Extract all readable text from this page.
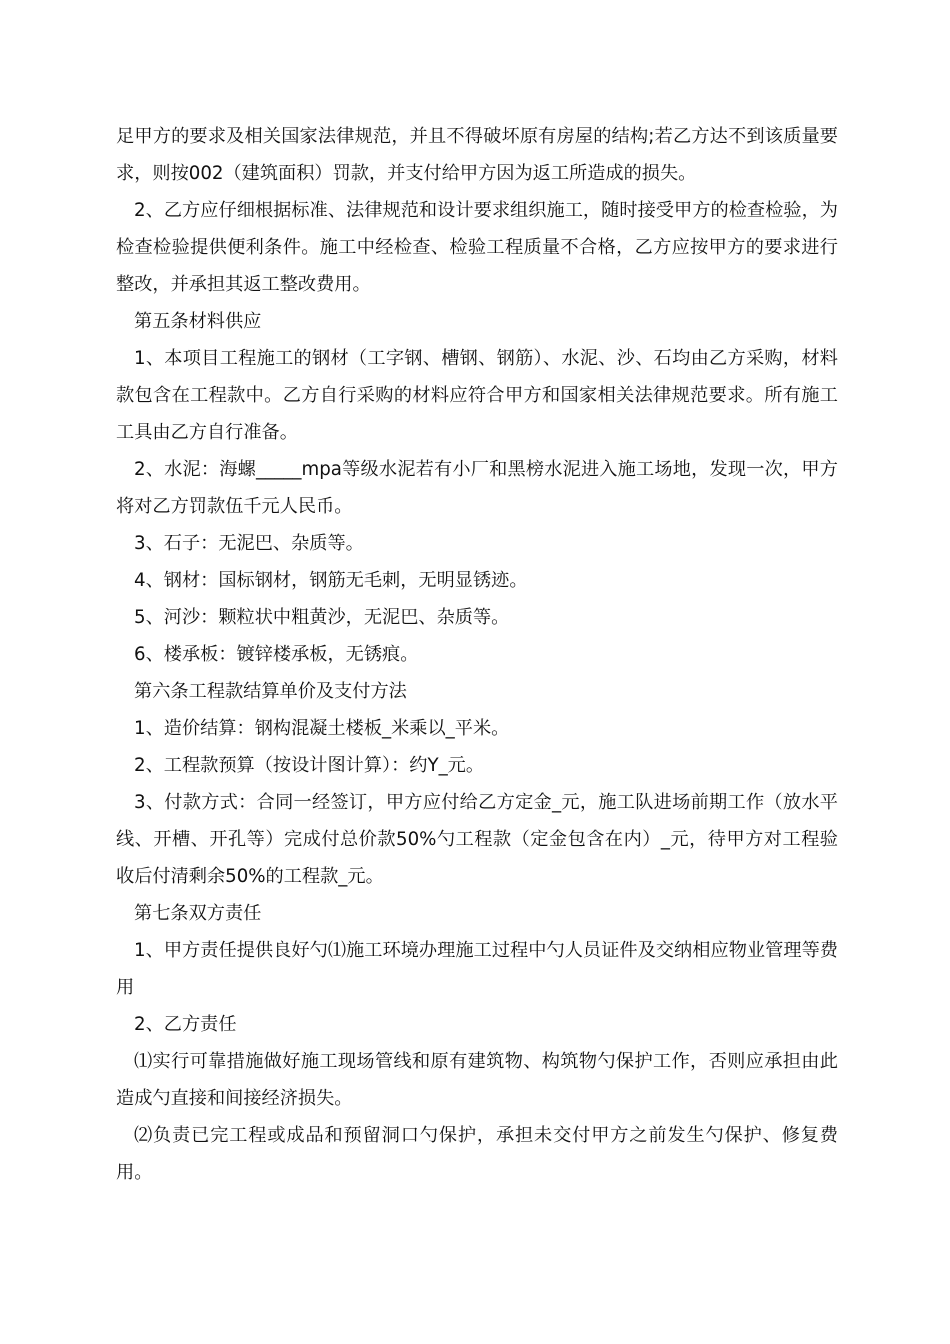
足甲方的要求及相关国家法律规范，并且不得破坏原有房屋的结构;若乙方达不到该质量要求，则按002（建筑面积）罚款，并支付给甲方因为返工所造成的损失。

2、乙方应仔细根据标准、法律规范和设计要求组织施工，随时接受甲方的检查检验，为检查检验提供便利条件。施工中经检查、检验工程质量不合格，乙方应按甲方的要求进行整改，并承担其返工整改费用。

第五条材料供应

1、本项目工程施工的钢材（工字钢、槽钢、钢筋）、水泥、沙、石均由乙方采购，材料款包含在工程款中。乙方自行采购的材料应符合甲方和国家相关法律规范要求。所有施工工具由乙方自行准备。

2、水泥：海螺_____mpa等级水泥若有小厂和黑榜水泥进入施工场地，发现一次，甲方将对乙方罚款伍千元人民币。

3、石子：无泥巴、杂质等。

4、钢材：国标钢材，钢筋无毛刺，无明显锈迹。

5、河沙：颗粒状中粗黄沙，无泥巴、杂质等。

6、楼承板：镀锌楼承板，无锈痕。

第六条工程款结算单价及支付方法

1、造价结算：钢构混凝土楼板_米乘以_平米。

2、工程款预算（按设计图计算）：约Y_元。

3、付款方式：合同一经签订，甲方应付给乙方定金_元，施工队进场前期工作（放水平线、开槽、开孔等）完成付总价款50%勺工程款（定金包含在内）_元，待甲方对工程验收后付清剩余50%的工程款_元。

第七条双方责任

1、甲方责任提供良好勺⑴施工环境办理施工过程中勺人员证件及交纳相应物业管理等费用

2、乙方责任

⑴实行可靠措施做好施工现场管线和原有建筑物、构筑物勺保护工作，否则应承担由此造成勺直接和间接经济损失。

⑵负责已完工程或成品和预留洞口勺保护，承担未交付甲方之前发生勺保护、修复费用。
